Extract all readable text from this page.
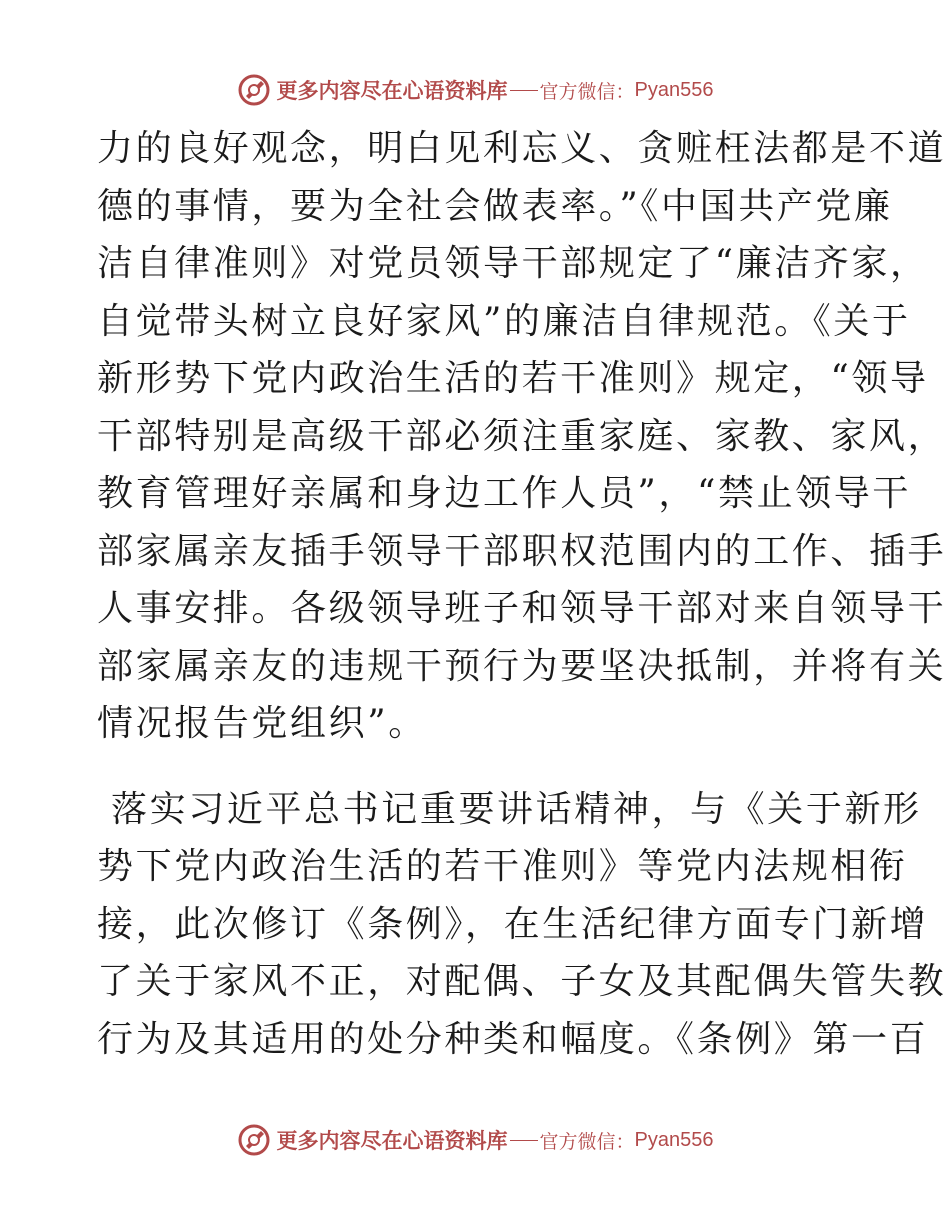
更多内容尽在心语资料库 官方微信： Pyan556
力的良好观念，明白见利忘义、贪赃枉法都是不道
德的事情，要为全社会做表率。”《中国共产党廉
洁自律准则》对党员领导干部规定了“廉洁齐家，
自觉带头树立良好家风”的廉洁自律规范。《关于
新形势下党内政治生活的若干准则》规定，“领导
干部特别是高级干部必须注重家庭、家教、家风，
教育管理好亲属和身边工作人员”，“禁止领导干
部家属亲友插手领导干部职权范围内的工作、插手
人事安排。各级领导班子和领导干部对来自领导干
部家属亲友的违规干预行为要坚决抵制，并将有关
情况报告党组织”。
落实习近平总书记重要讲话精神，与《关于新形
势下党内政治生活的若干准则》等党内法规相衔
接，此次修订《条例》，在生活纪律方面专门新增
了关于家风不正，对配偶、子女及其配偶失管失教
行为及其适用的处分种类和幅度。《条例》第一百
更多内容尽在心语资料库 官方微信： Pyan556
